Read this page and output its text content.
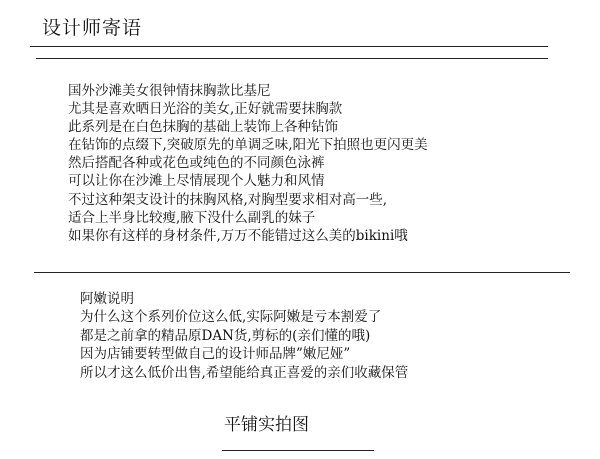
设计师寄语
国外沙滩美女很钟情抹胸款比基尼
尤其是喜欢晒日光浴的美女,正好就需要抹胸款
此系列是在白色抹胸的基础上装饰上各种钻饰
在钻饰的点缀下,突破原先的单调乏味,阳光下拍照也更闪更美
然后搭配各种或花色或纯色的不同颜色泳裤
可以让你在沙滩上尽情展现个人魅力和风情
不过这种架支设计的抹胸风格,对胸型要求相对高一些,
适合上半身比较瘦,腋下没什么副乳的妹子
如果你有这样的身材条件,万万不能错过这么美的bikini哦
阿嫩说明
为什么这个系列价位这么低,实际阿嫩是亏本割爱了
都是之前拿的精品原DAN货,剪标的(亲们懂的哦)
因为店铺要转型做自己的设计师品牌”嫩尼娅”
所以才这么低价出售,希望能给真正喜爱的亲们收藏保管
平铺实拍图
